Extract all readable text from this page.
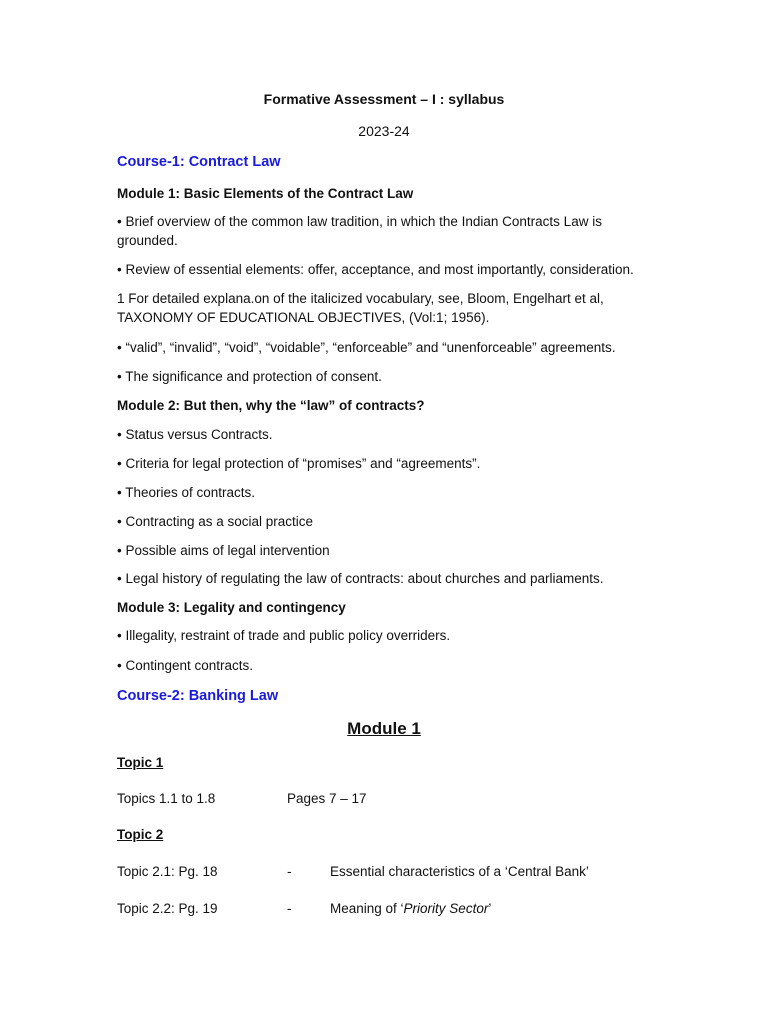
Formative Assessment – I : syllabus
2023-24
Course-1: Contract Law
Module 1: Basic Elements of the Contract Law
• Brief overview of the common law tradition, in which the Indian Contracts Law is grounded.
• Review of essential elements: offer, acceptance, and most importantly, consideration.
1 For detailed explana.on of the italicized vocabulary, see, Bloom, Engelhart et al,
TAXONOMY OF EDUCATIONAL OBJECTIVES, (Vol:1; 1956).
• “valid”, “invalid”, “void”, “voidable”, “enforceable” and “unenforceable” agreements.
• The significance and protection of consent.
Module 2: But then, why the “law” of contracts?
• Status versus Contracts.
• Criteria for legal protection of “promises” and “agreements”.
• Theories of contracts.
• Contracting as a social practice
• Possible aims of legal intervention
• Legal history of regulating the law of contracts: about churches and parliaments.
Module 3: Legality and contingency
• Illegality, restraint of trade and public policy overriders.
• Contingent contracts.
Course-2: Banking Law
Module 1
Topic 1
Topics 1.1 to 1.8	Pages 7 – 17
Topic 2
Topic 2.1: Pg. 18	-	Essential characteristics of a ‘Central Bank’
Topic 2.2: Pg. 19	-	Meaning of ‘Priority Sector’
